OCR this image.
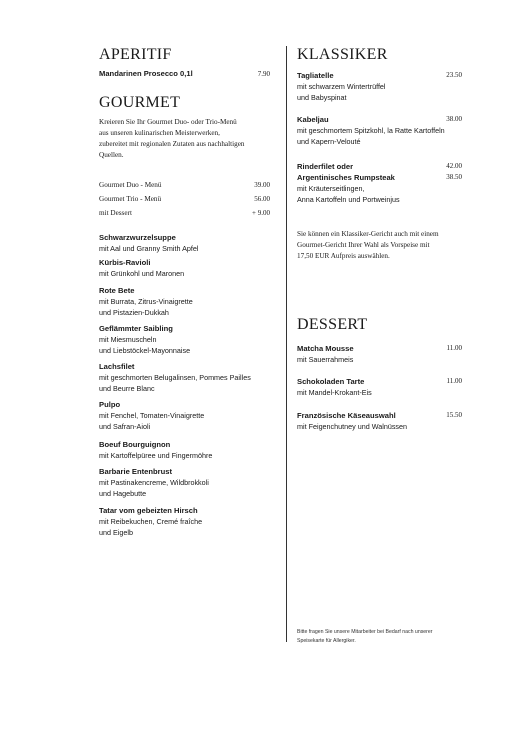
APERITIF
Mandarinen Prosecco 0,1l	7.90
GOURMET
Kreieren Sie Ihr Gourmet Duo- oder Trio-Menü
aus unseren kulinarischen Meisterwerken,
zubereitet mit regionalen Zutaten aus nachhaltigen
Quellen.
Gourmet Duo - Menü	39.00
Gourmet Trio - Menü	56.00
mit Dessert	+ 9.00
Schwarzwurzelsuppe
mit Aal und Granny Smith Apfel
Kürbis-Ravioli
mit Grünkohl und Maronen
Rote Bete
mit Burrata, Zitrus-Vinaigrette
und Pistazien-Dukkah
Geflämmter Saibling
mit Miesmuscheln
und Liebstöckel-Mayonnaise
Lachsfilet
mit geschmorten Belugalinsen, Pommes Pailles
und Beurre Blanc
Pulpo
mit Fenchel, Tomaten-Vinaigrette
und Safran-Aioli
Boeuf Bourguignon
mit Kartoffelpüree und Fingermöhre
Barbarie Entenbrust
mit Pastinakencreme, Wildbrokkoli
und Hagebutte
Tatar vom gebeizten Hirsch
mit Reibekuchen, Cremé fraîche
und Eigelb
KLASSIKER
Tagliatelle	23.50
mit schwarzem Wintertrüffel
und Babyspinat
Kabeljau	38.00
mit geschmortem Spitzkohl, la Ratte Kartoffeln
und Kapern-Velouté
Rinderfilet oder	42.00
Argentinisches Rumpsteak	38.50
mit Kräuterseitlingen,
Anna Kartoffeln und Portweinjus
Sie können ein Klassiker-Gericht auch mit einem
Gourmet-Gericht Ihrer Wahl als Vorspeise mit
17,50 EUR Aufpreis auswählen.
DESSERT
Matcha Mousse	11.00
mit Sauerrahmeis
Schokoladen Tarte	11.00
mit Mandel-Krokant-Eis
Französische Käseauswahl	15.50
mit Feigenchutney und Walnüssen
Bitte fragen Sie unsere Mitarbeiter bei Bedarf nach unserer
Speisekarte für Allergiker.
